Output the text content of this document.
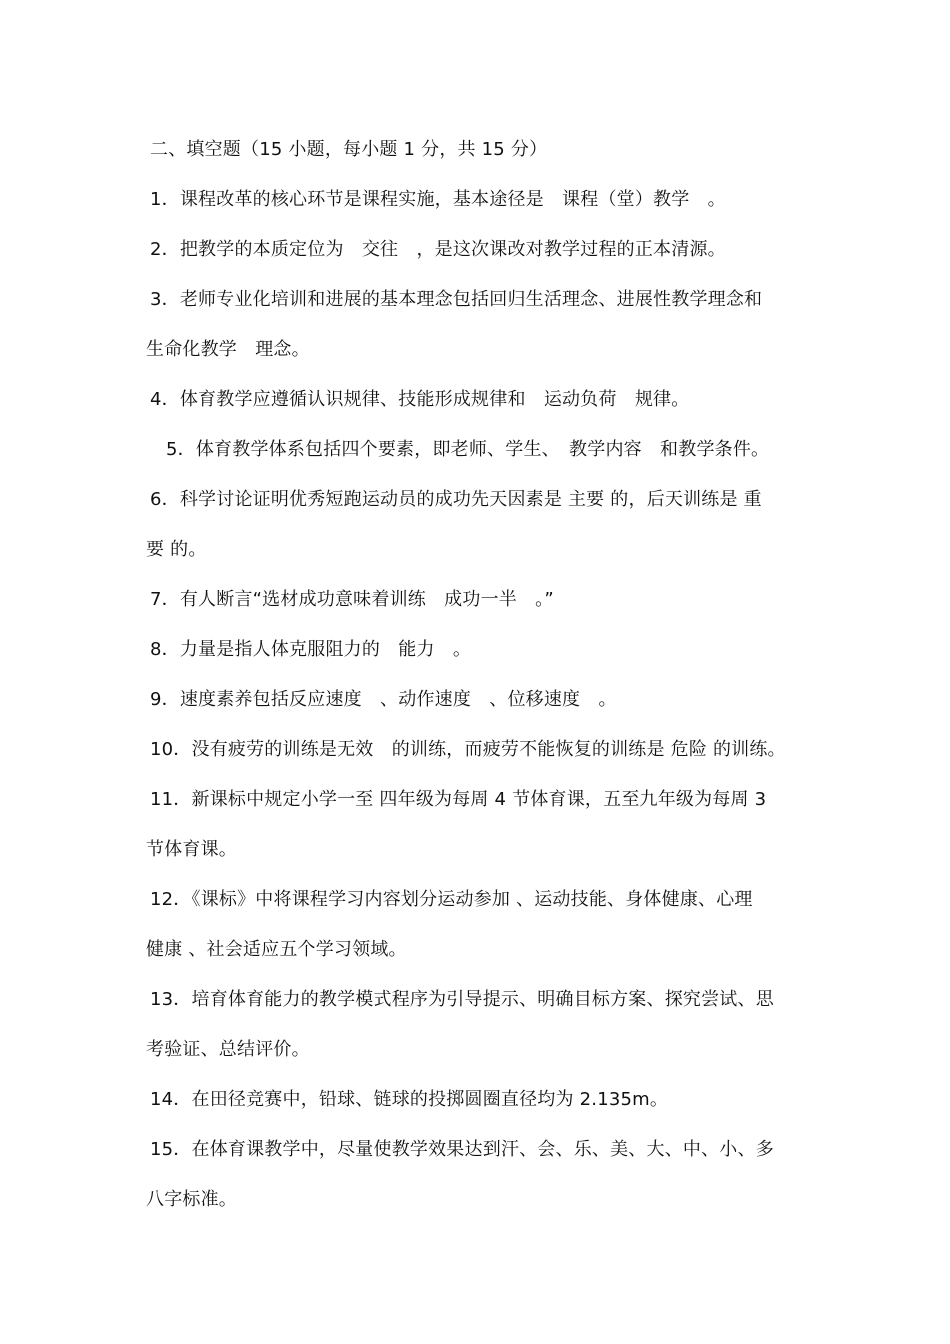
二、填空题（15 小题，每小题 1 分，共 15 分）
1．课程改革的核心环节是课程实施，基本途径是　课程（堂）教学　。
2．把教学的本质定位为　交往　，是这次课改对教学过程的正本清源。
3．老师专业化培训和进展的基本理念包括回归生活理念、进展性教学理念和
生命化教学　理念。
4．体育教学应遵循认识规律、技能形成规律和　运动负荷　规律。
5．体育教学体系包括四个要素，即老师、学生、　教学内容　和教学条件。
6．科学讨论证明优秀短跑运动员的成功先天因素是 主要 的，后天训练是 重
要 的。
7．有人断言“选材成功意味着训练　成功一半　。”
8．力量是指人体克服阻力的　能力　。
9．速度素养包括反应速度　、动作速度　、位移速度　。
10．没有疲劳的训练是无效　的训练，而疲劳不能恢复的训练是 危险 的训练。
11．新课标中规定小学一至 四年级为每周 4 节体育课，五至九年级为每周 3
节体育课。
12．《课标》中将课程学习内容划分运动参加 、运动技能、身体健康、心理
健康 、社会适应五个学习领域。
13．培育体育能力的教学模式程序为引导提示、明确目标方案、探究尝试、思
考验证、总结评价。
14．在田径竞赛中，铅球、链球的投掷圆圈直径均为 2.135m。
15．在体育课教学中，尽量使教学效果达到汗、会、乐、美、大、中、小、多
八字标准。
